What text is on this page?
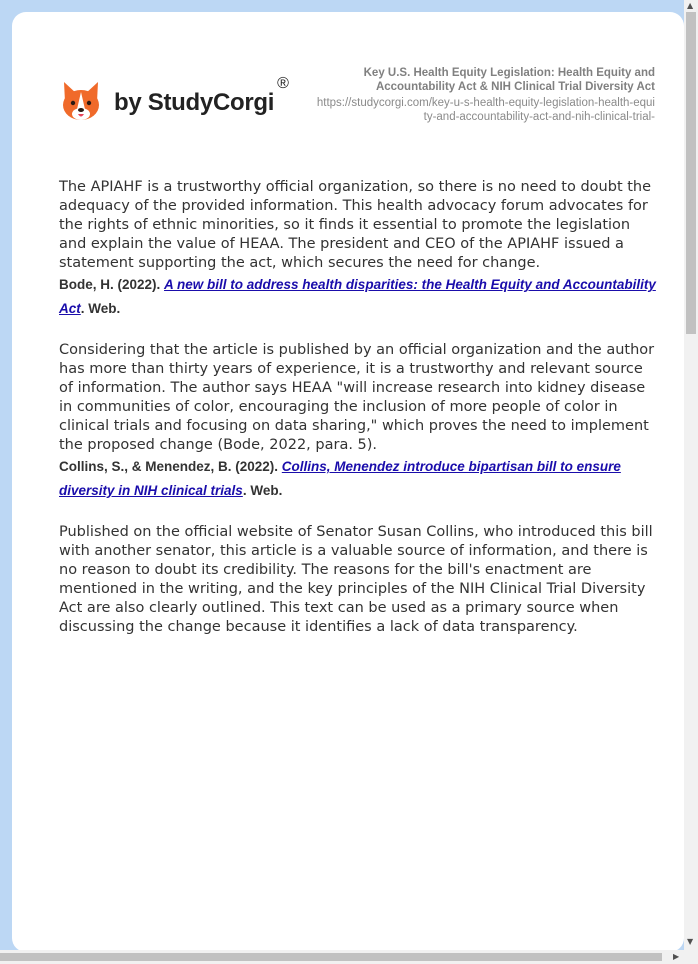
by StudyCorgi
®
Key U.S. Health Equity Legislation: Health Equity and Accountability Act & NIH Clinical Trial Diversity Act
https://studycorgi.com/key-u-s-health-equity-legislation-health-equity-and-accountability-act-and-nih-clinical-trial-

The APIAHF is a trustworthy official organization, so there is no need to doubt the adequacy of the provided information. This health advocacy forum advocates for the rights of ethnic minorities, so it finds it essential to promote the legislation and explain the value of HEAA. The president and CEO of the APIAHF issued a statement supporting the act, which secures the need for change.

Bode, H. (2022). A new bill to address health disparities: the Health Equity and Accountability Act. Web.

Considering that the article is published by an official organization and the author has more than thirty years of experience, it is a trustworthy and relevant source of information. The author says HEAA "will increase research into kidney disease in communities of color, encouraging the inclusion of more people of color in clinical trials and focusing on data sharing," which proves the need to implement the proposed change (Bode, 2022, para. 5).

Collins, S., & Menendez, B. (2022). Collins, Menendez introduce bipartisan bill to ensure diversity in NIH clinical trials. Web.

Published on the official website of Senator Susan Collins, who introduced this bill with another senator, this article is a valuable source of information, and there is no reason to doubt its credibility. The reasons for the bill's enactment are mentioned in the writing, and the key principles of the NIH Clinical Trial Diversity Act are also clearly outlined. This text can be used as a primary source when discussing the change because it identifies a lack of data transparency.

▲
▼
▶
